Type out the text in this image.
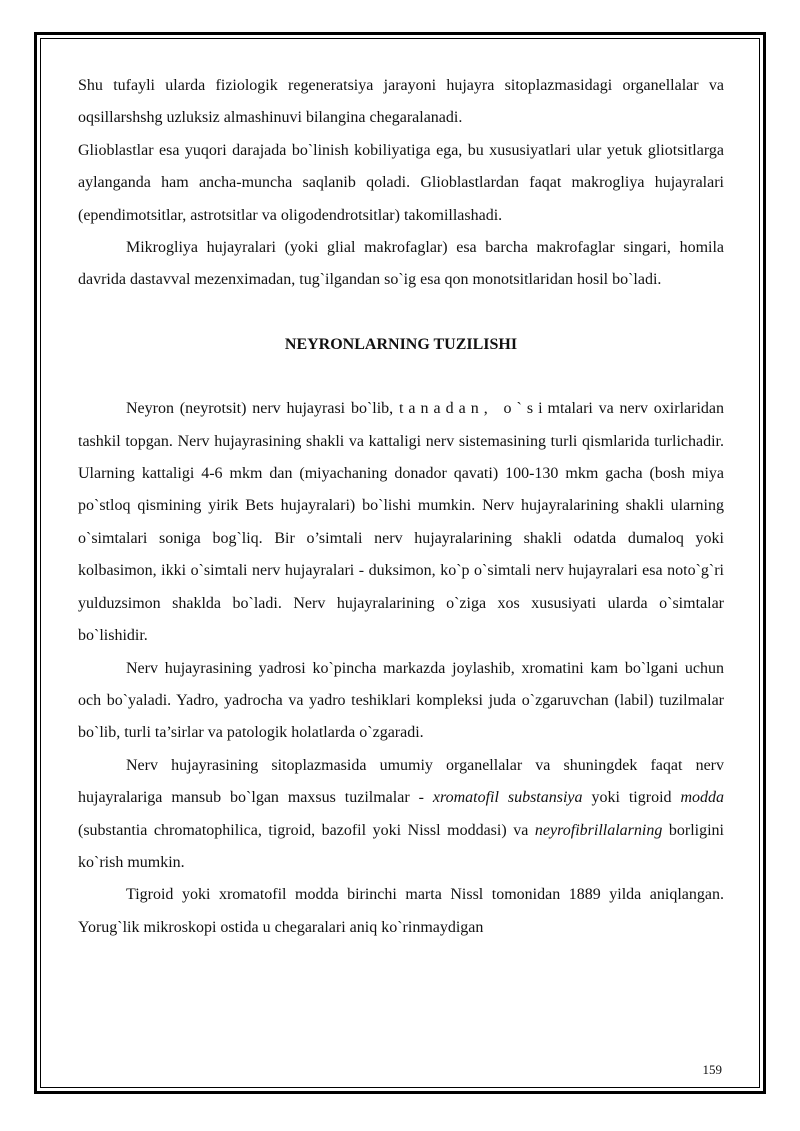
Shu tufayli ularda fiziologik regeneratsiya jarayoni hujayra sitoplazmasidagi organellalar va oqsillarshshg uzluksiz almashinuvi bilangina chegaralanadi.

Glioblastlar esa yuqori darajada bo`linish kobiliyatiga ega, bu xususiyatlari ular yetuk gliotsitlarga aylanganda ham ancha-muncha saqlanib qoladi. Glioblastlardan faqat makrogliya hujayralari (ependimotsitlar, astrotsitlar va oligodendrotsitlar) takomillashadi.

Mikrogliya hujayralari (yoki glial makrofaglar) esa barcha makrofaglar singari, homila davrida dastavval mezenximadan, tug`ilgandan so`ig esa qon monotsitlaridan hosil bo`ladi.

NEYRONLARNING TUZILISHI

Neyron (neyrotsit) nerv hujayrasi bo`lib, tanadan, o`simtalari va nerv oxirlaridan tashkil topgan. Nerv hujayrasining shakli va kattaligi nerv sistemasining turli qismlarida turlichadir. Ularning kattaligi 4-6 mkm dan (miyachaning donador qavati) 100-130 mkm gacha (bosh miya po`stloq qismining yirik Bets hujayralari) bo`lishi mumkin. Nerv hujayralarining shakli ularning o`simtalari soniga bog`liq. Bir o’simtali nerv hujayralarining shakli odatda dumaloq yoki kolbasimon, ikki o`simtali nerv hujayralari - duksimon, ko`p o`simtali nerv hujayralari esa noto`g`ri yulduzsimon shaklda bo`ladi. Nerv hujayralarining o`ziga xos xususiyati ularda o`simtalar bo`lishidir.

Nerv hujayrasining yadrosi ko`pincha markazda joylashib, xromatini kam bo`lgani uchun och bo`yaladi. Yadro, yadrocha va yadro teshiklari kompleksi juda o`zgaruvchan (labil) tuzilmalar bo`lib, turli ta’sirlar va patologik holatlarda o`zgaradi.

Nerv hujayrasining sitoplazmasida umumiy organellalar va shuningdek faqat nerv hujayralariga mansub bo`lgan maxsus tuzilmalar - xromatofil substansiya yoki tigroid modda (substantia chromatophilica, tigroid, bazofil yoki Nissl moddasi) va neyrofibrillalarning borligini ko`rish mumkin.

Tigroid yoki xromatofil modda birinchi marta Nissl tomonidan 1889 yilda aniqlangan. Yorug`lik mikroskopi ostida u chegaralari aniq ko`rinmaydigan

159
